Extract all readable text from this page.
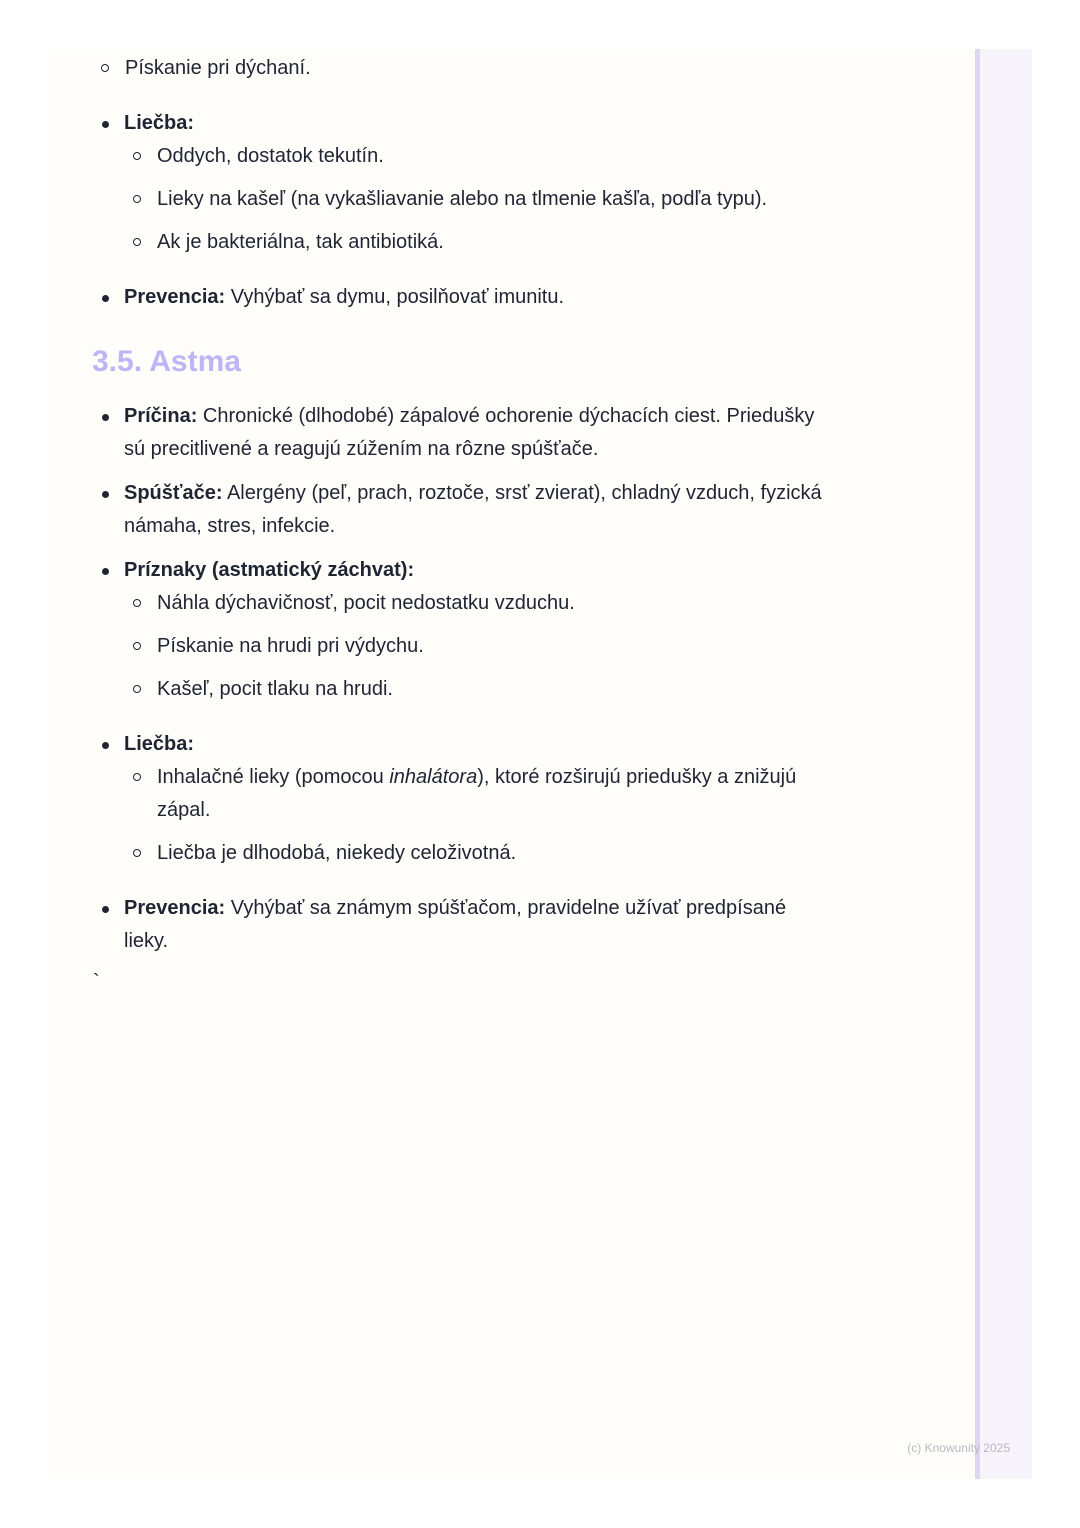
Pískanie pri dýchaní.
Liečba:
Oddych, dostatok tekutín.
Lieky na kašeľ (na vykašliavanie alebo na tlmenie kašľa, podľa typu).
Ak je bakteriálna, tak antibiotiká.
Prevencia: Vyhýbať sa dymu, posilňovať imunitu.
3.5. Astma
Príčina: Chronické (dlhodobé) zápalové ochorenie dýchacích ciest. Priedušky sú precitlivené a reagujú zúžením na rôzne spúšťače.
Spúšťače: Alergény (peľ, prach, roztoče, srsť zvierat), chladný vzduch, fyzická námaha, stres, infekcie.
Príznaky (astmatický záchvat):
Náhla dýchavičnosť, pocit nedostatku vzduchu.
Pískanie na hrudi pri výdychu.
Kašeľ, pocit tlaku na hrudi.
Liečba:
Inhalačné lieky (pomocou inhalátora), ktoré rozširujú priedušky a znižujú zápal.
Liečba je dlhodobá, niekedy celoživotná.
Prevencia: Vyhýbať sa známym spúšťačom, pravidelne užívať predpísané lieky.
`
(c) Knowunity 2025
